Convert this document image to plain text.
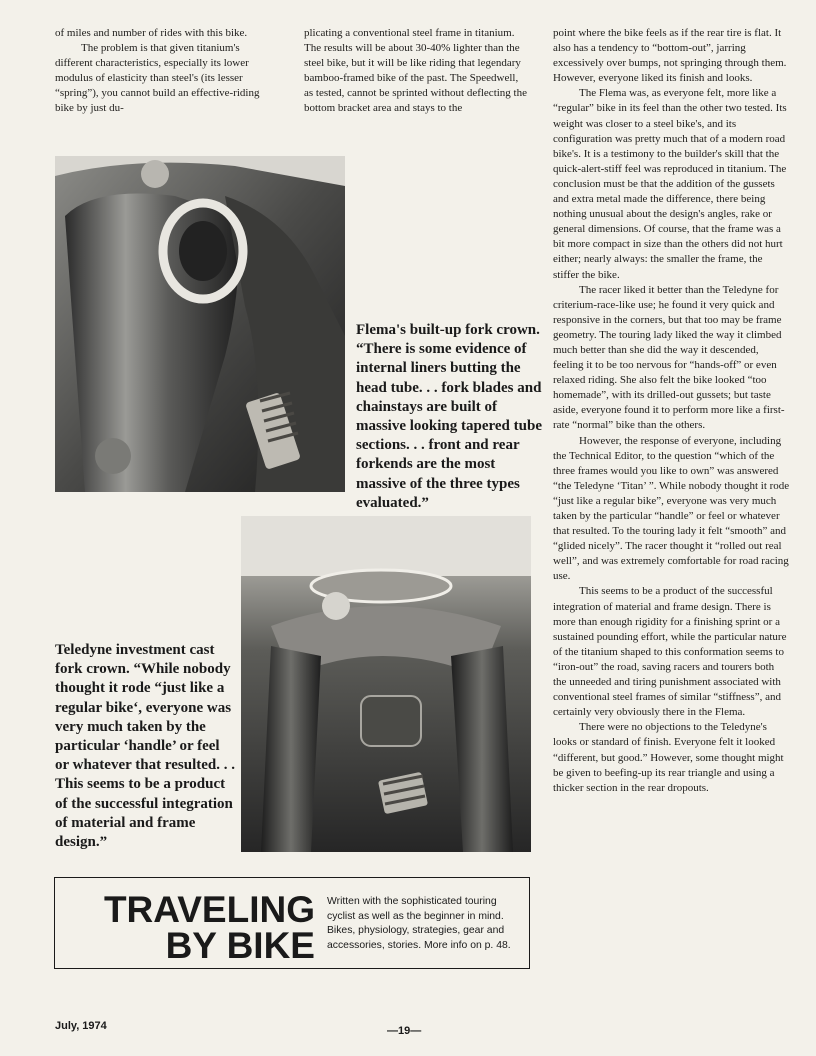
of miles and number of rides with this bike.

The problem is that given titanium's different characteristics, especially its lower modulus of elasticity than steel's (its lesser “spring”), you cannot build an effective-riding bike by just du-

plicating a conventional steel frame in titanium. The results will be about 30-40% lighter than the steel bike, but it will be like riding that legendary bamboo-framed bike of the past. The Speedwell, as tested, cannot be sprinted without deflecting the bottom bracket area and stays to the

point where the bike feels as if the rear tire is flat. It also has a tendency to “bottom-out”, jarring excessively over bumps, not springing through them. However, everyone liked its finish and looks.

The Flema was, as everyone felt, more like a “regular” bike in its feel than the other two tested. Its weight was closer to a steel bike's, and its configuration was pretty much that of a modern road bike's. It is a testimony to the builder's skill that the quick-alert-stiff feel was reproduced in titanium. The conclusion must be that the addition of the gussets and extra metal made the difference, there being nothing unusual about the design's angles, rake or general dimensions. Of course, that the frame was a bit more compact in size than the others did not hurt either; nearly always: the smaller the frame, the stiffer the bike.

The racer liked it better than the Teledyne for criterium-race-like use; he found it very quick and responsive in the corners, but that too may be frame geometry. The touring lady liked the way it climbed much better than she did the way it descended, feeling it to be too nervous for “hands-off” or even relaxed riding. She also felt the bike looked “too homemade”, with its drilled-out gussets; but taste aside, everyone found it to perform more like a first-rate “normal” bike than the others.

However, the response of everyone, including the Technical Editor, to the question “which of the three frames would you like to own” was answered “the Teledyne ‘Titan’ ”. While nobody thought it rode “just like a regular bike”, everyone was very much taken by the particular “handle” or feel or whatever that resulted. To the touring lady it felt “smooth” and “glided nicely”. The racer thought it “rolled out real well”, and was extremely comfortable for road racing use.

This seems to be a product of the successful integration of material and frame design. There is more than enough rigidity for a finishing sprint or a sustained pounding effort, while the particular nature of the titanium shaped to this conformation seems to “iron-out” the road, saving racers and tourers both the unneeded and tiring punishment associated with conventional steel frames of similar “stiffness”, and certainly very obviously there in the Flema.

There were no objections to the Teledyne's looks or standard of finish. Everyone felt it looked “different, but good.” However, some thought might be given to beefing-up its rear triangle and using a thicker section in the rear dropouts.

Flema's built-up fork crown. “There is some evidence of internal liners butting the head tube. . . fork blades and chainstays are built of massive looking tapered tube sections. . . front and rear forkends are the most massive of the three types evaluated.”
Teledyne investment cast fork crown. “While nobody thought it rode “just like a regular bike‘, everyone was very much taken by the particular ‘handle’ or feel or whatever that resulted. . . This seems to be a product of the successful integration of material and frame design.”
TRAVELING
BY BIKE
Written with the sophisticated touring cyclist as well as the beginner in mind. Bikes, physiology, strategies, gear and accessories, stories. More info on p. 48.
July, 1974	—19—
